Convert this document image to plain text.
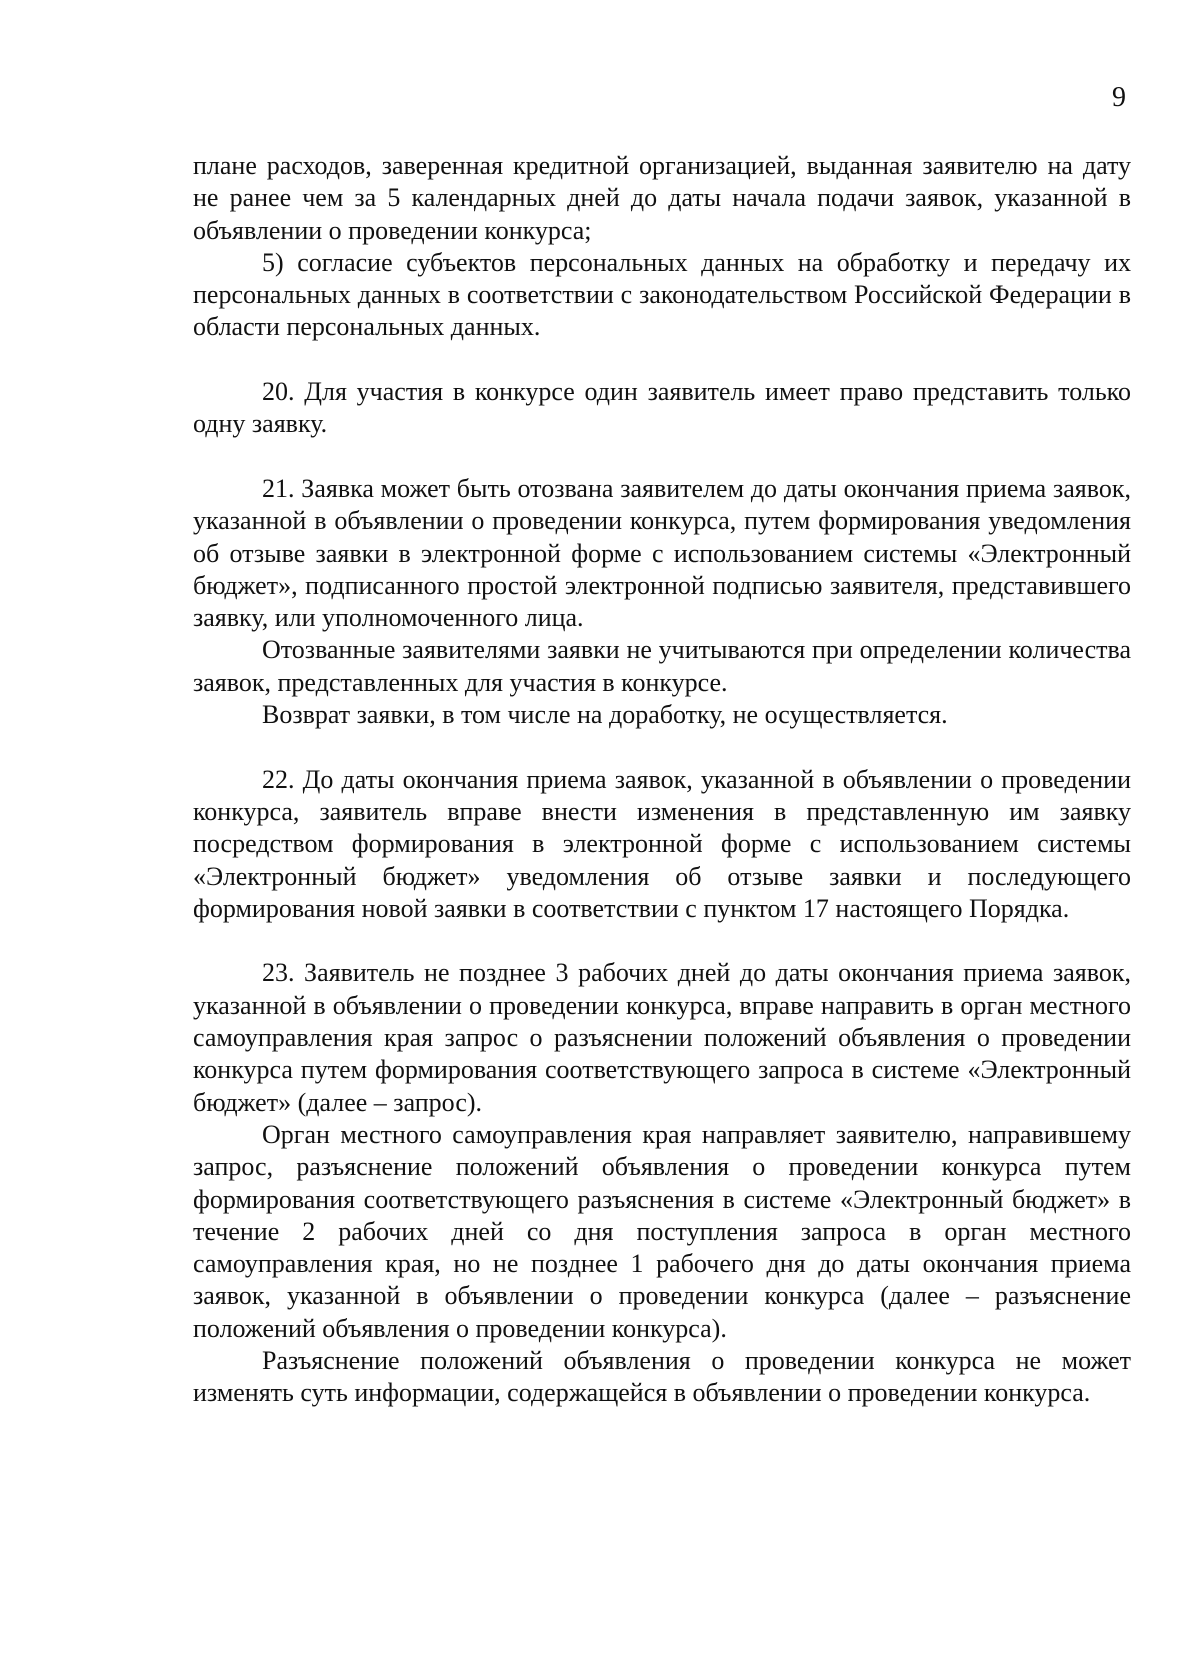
9

плане расходов, заверенная кредитной организацией, выданная заявителю на дату не ранее чем за 5 календарных дней до даты начала подачи заявок, указанной в объявлении о проведении конкурса;

5) согласие субъектов персональных данных на обработку и передачу их персональных данных в соответствии с законодательством Российской Федерации в области персональных данных.

20. Для участия в конкурсе один заявитель имеет право представить только одну заявку.

21. Заявка может быть отозвана заявителем до даты окончания приема заявок, указанной в объявлении о проведении конкурса, путем формирования уведомления об отзыве заявки в электронной форме с использованием системы «Электронный бюджет», подписанного простой электронной подписью заявителя, представившего заявку, или уполномоченного лица.

Отозванные заявителями заявки не учитываются при определении количества заявок, представленных для участия в конкурсе.

Возврат заявки, в том числе на доработку, не осуществляется.

22. До даты окончания приема заявок, указанной в объявлении о проведении конкурса, заявитель вправе внести изменения в представленную им заявку посредством формирования в электронной форме с использованием системы «Электронный бюджет» уведомления об отзыве заявки и последующего формирования новой заявки в соответствии с пунктом 17 настоящего Порядка.

23. Заявитель не позднее 3 рабочих дней до даты окончания приема заявок, указанной в объявлении о проведении конкурса, вправе направить в орган местного самоуправления края запрос о разъяснении положений объявления о проведении конкурса путем формирования соответствующего запроса в системе «Электронный бюджет» (далее – запрос).

Орган местного самоуправления края направляет заявителю, направившему запрос, разъяснение положений объявления о проведении конкурса путем формирования соответствующего разъяснения в системе «Электронный бюджет» в течение 2 рабочих дней со дня поступления запроса в орган местного самоуправления края, но не позднее 1 рабочего дня до даты окончания приема заявок, указанной в объявлении о проведении конкурса (далее – разъяснение положений объявления о проведении конкурса).

Разъяснение положений объявления о проведении конкурса не может изменять суть информации, содержащейся в объявлении о проведении конкурса.
